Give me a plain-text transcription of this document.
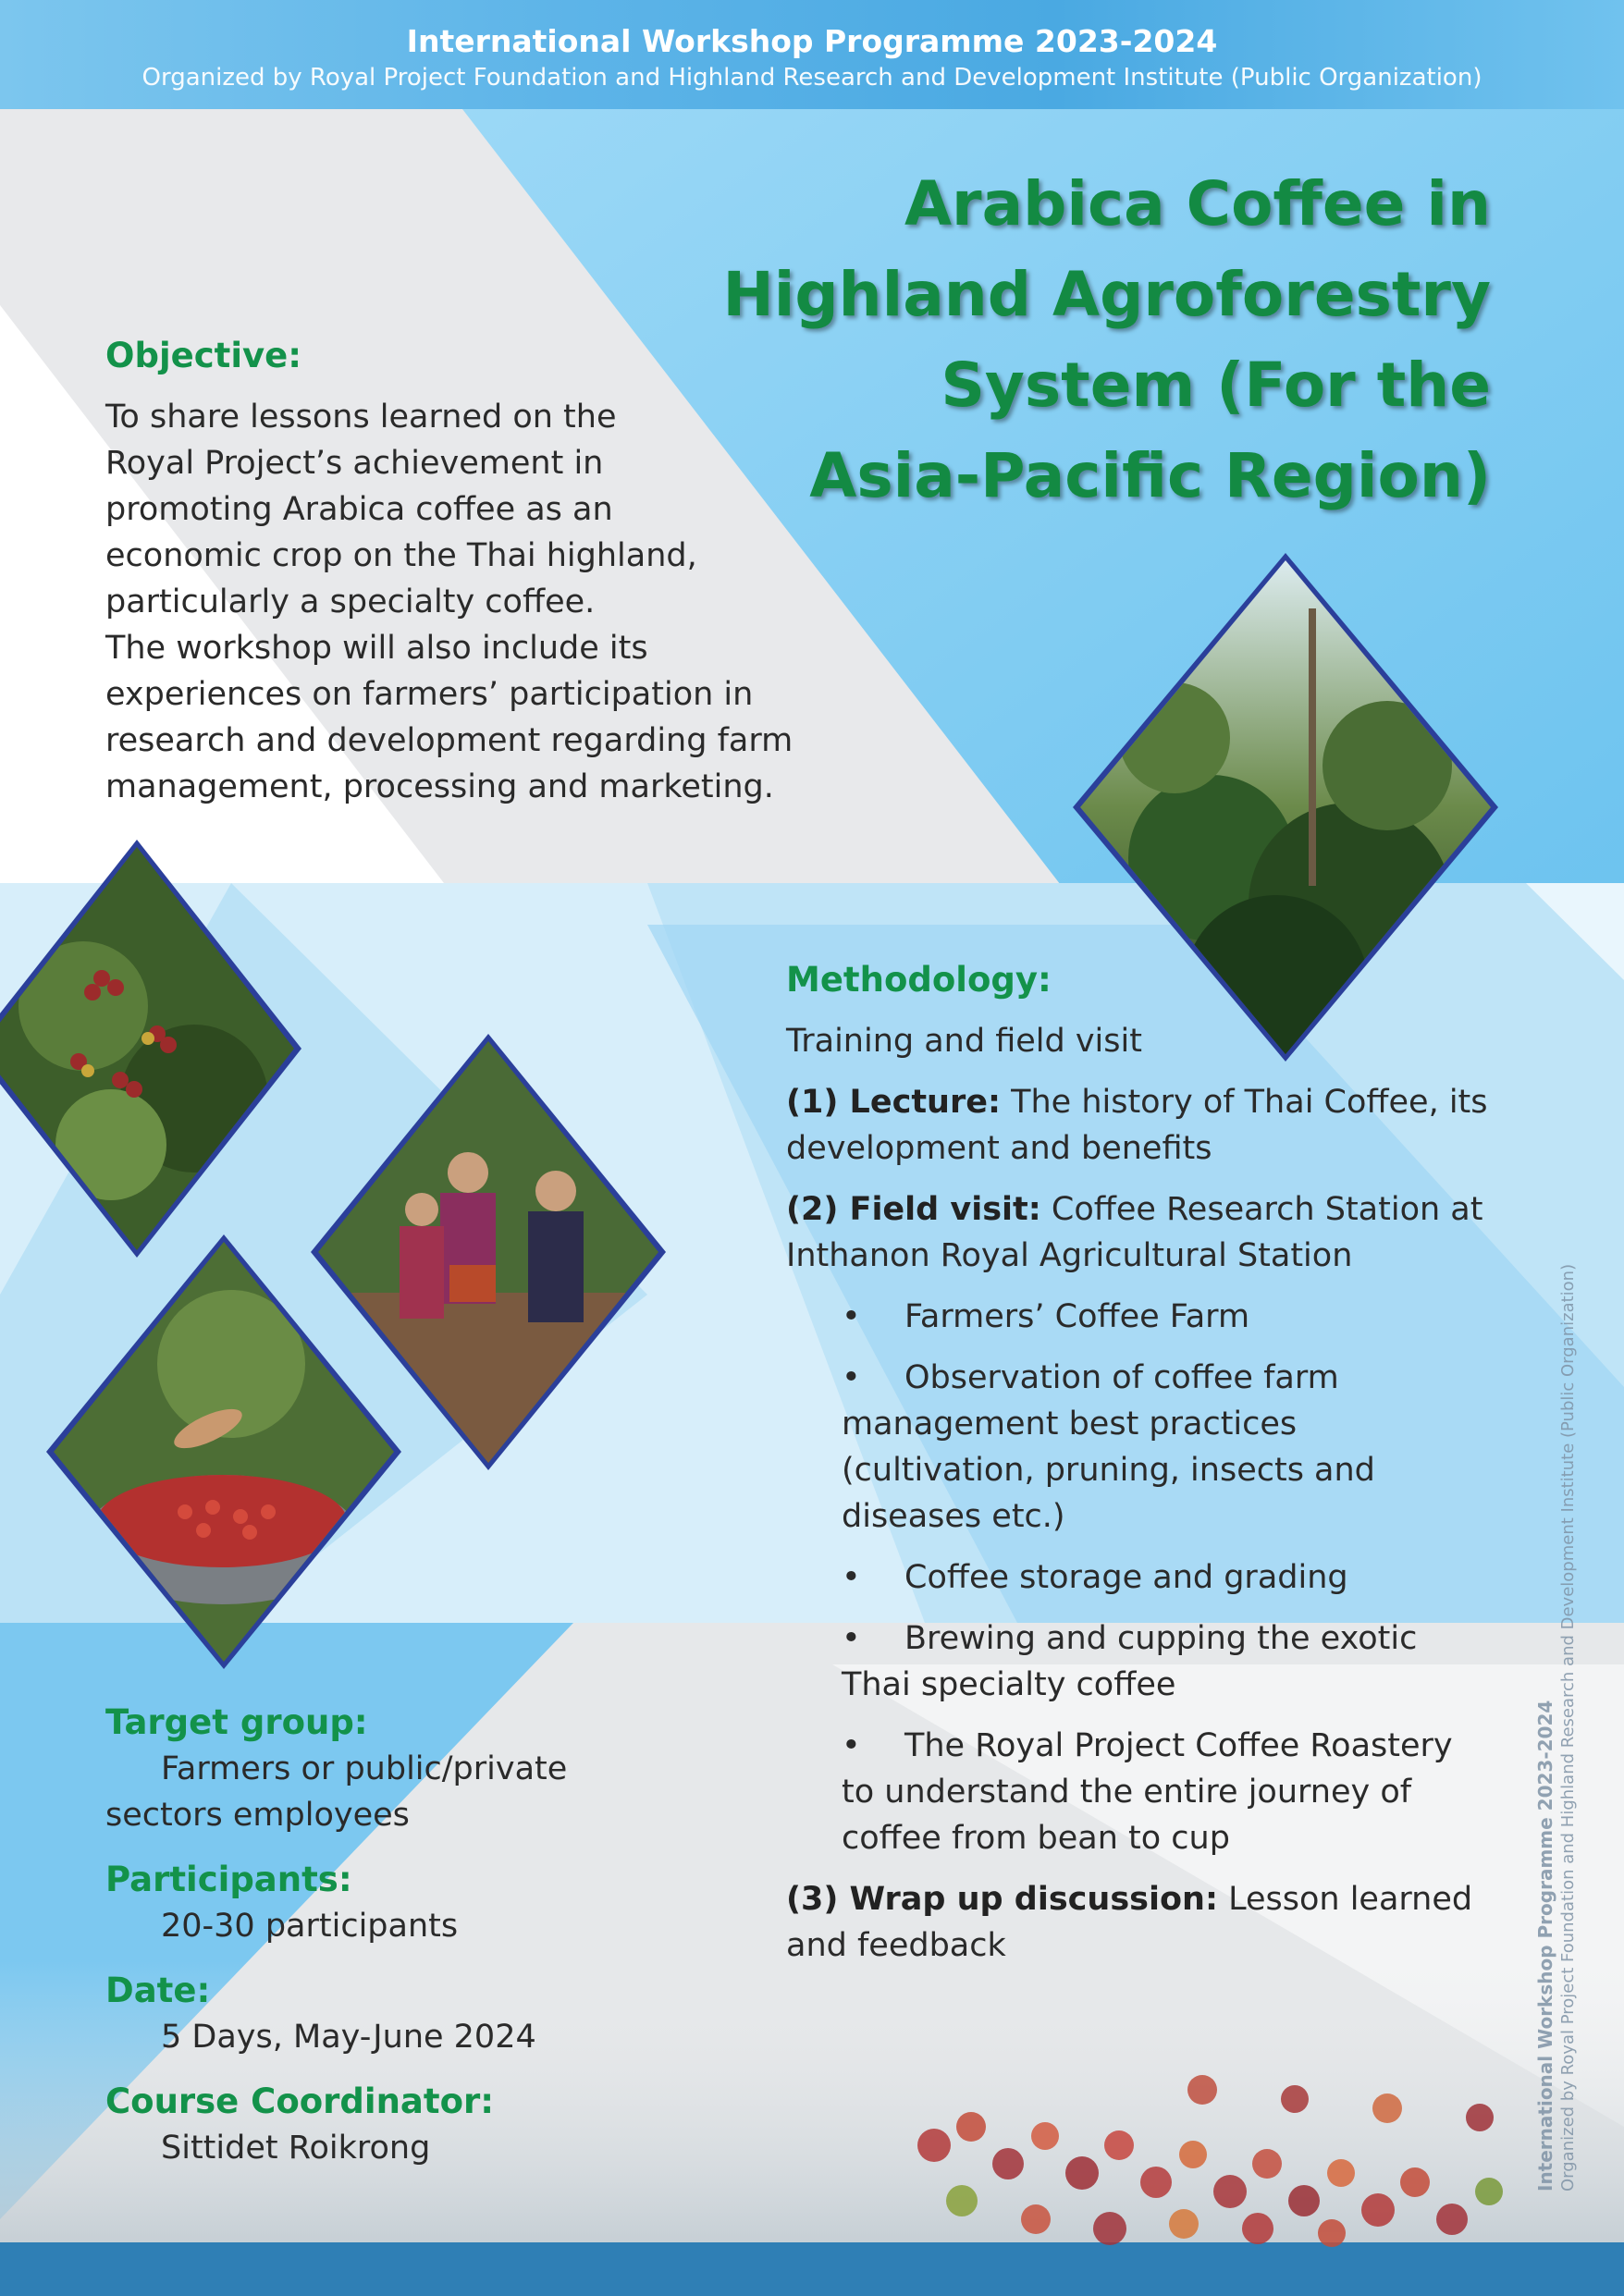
International Workshop Programme 2023-2024
Organized by Royal Project Foundation and Highland Research and Development Institute (Public Organization)
Arabica Coffee in
Highland Agroforestry
System (For the
Asia-Pacific Region)
Objective:
To share lessons learned on the
Royal Project’s achievement in
promoting Arabica coffee as an
economic crop on the Thai highland,
particularly a specialty coffee.
The workshop will also include its
experiences on farmers’ participation in
research and development regarding farm
management, processing and marketing.
Methodology:

Training and field visit

(1) Lecture: The history of Thai Coffee, its development and benefits

(2) Field visit: Coffee Research Station at Inthanon Royal Agricultural Station

• Farmers’ Coffee Farm

• Observation of coffee farm management best practices (cultivation, pruning, insects and diseases etc.)

• Coffee storage and grading

• Brewing and cupping the exotic Thai specialty coffee

• The Royal Project Coffee Roastery to understand the entire journey of coffee from bean to cup

(3) Wrap up discussion: Lesson learned and feedback

Target group:
Farmers or public/private
sectors employees
Participants:
20-30 participants
Date:
5 Days, May-June 2024
Course Coordinator:
Sittidet Roikrong	International Workshop Programme 2023-2024 Organized by Royal Project Foundation and Highland Research and Development Institute (Public Organization)
